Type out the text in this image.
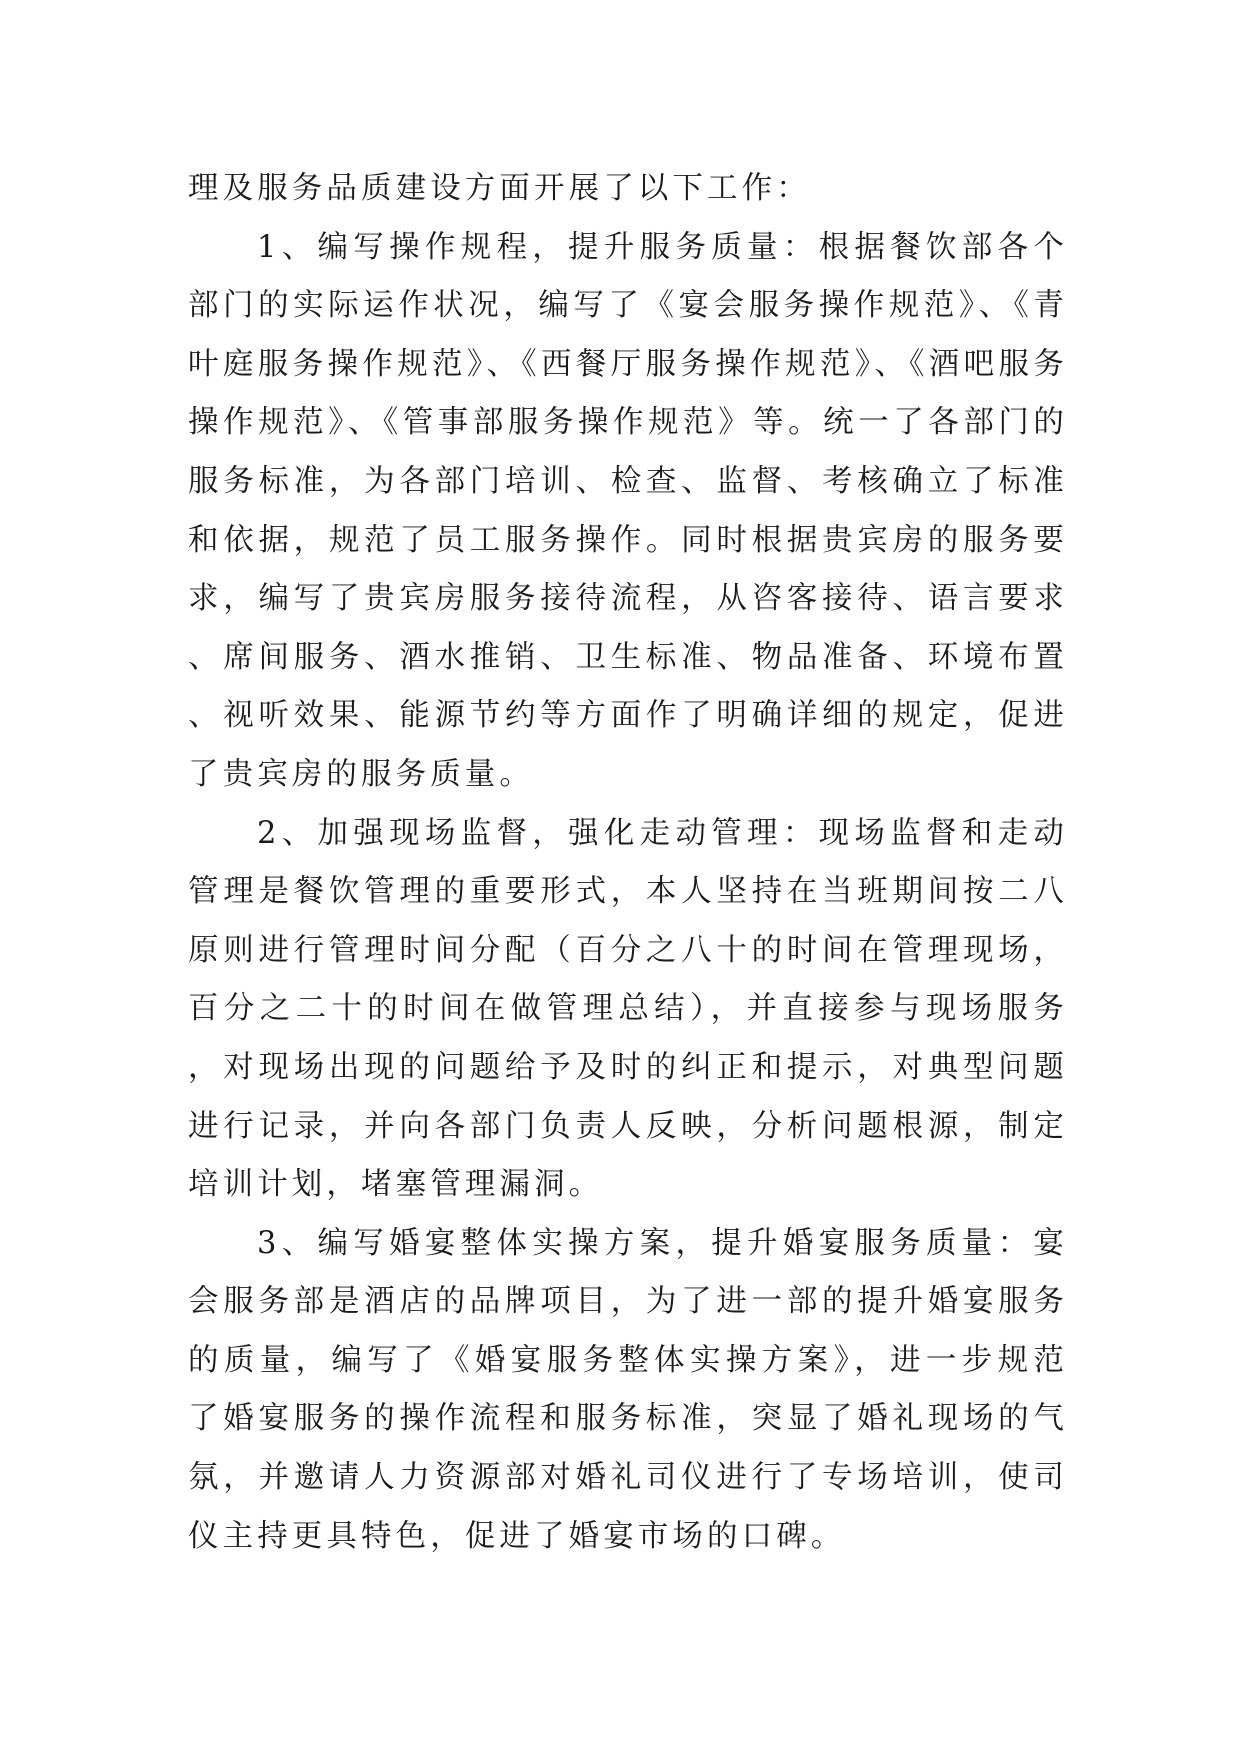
理及服务品质建设方面开展了以下工作：

1、编写操作规程，提升服务质量：根据餐饮部各个部门的实际运作状况，编写了《宴会服务操作规范》、《青叶庭服务操作规范》、《西餐厅服务操作规范》、《酒吧服务操作规范》、《管事部服务操作规范》等。统一了各部门的服务标准，为各部门培训、检查、监督、考核确立了标准和依据，规范了员工服务操作。同时根据贵宾房的服务要求，编写了贵宾房服务接待流程，从咨客接待、语言要求、席间服务、酒水推销、卫生标准、物品准备、环境布置、视听效果、能源节约等方面作了明确详细的规定，促进了贵宾房的服务质量。

2、加强现场监督，强化走动管理：现场监督和走动管理是餐饮管理的重要形式，本人坚持在当班期间按二八原则进行管理时间分配（百分之八十的时间在管理现场，百分之二十的时间在做管理总结），并直接参与现场服务，对现场出现的问题给予及时的纠正和提示，对典型问题进行记录，并向各部门负责人反映，分析问题根源，制定培训计划，堵塞管理漏洞。

3、编写婚宴整体实操方案，提升婚宴服务质量：宴会服务部是酒店的品牌项目，为了进一部的提升婚宴服务的质量，编写了《婚宴服务整体实操方案》，进一步规范了婚宴服务的操作流程和服务标准，突显了婚礼现场的气氛，并邀请人力资源部对婚礼司仪进行了专场培训，使司仪主持更具特色，促进了婚宴市场的口碑。
